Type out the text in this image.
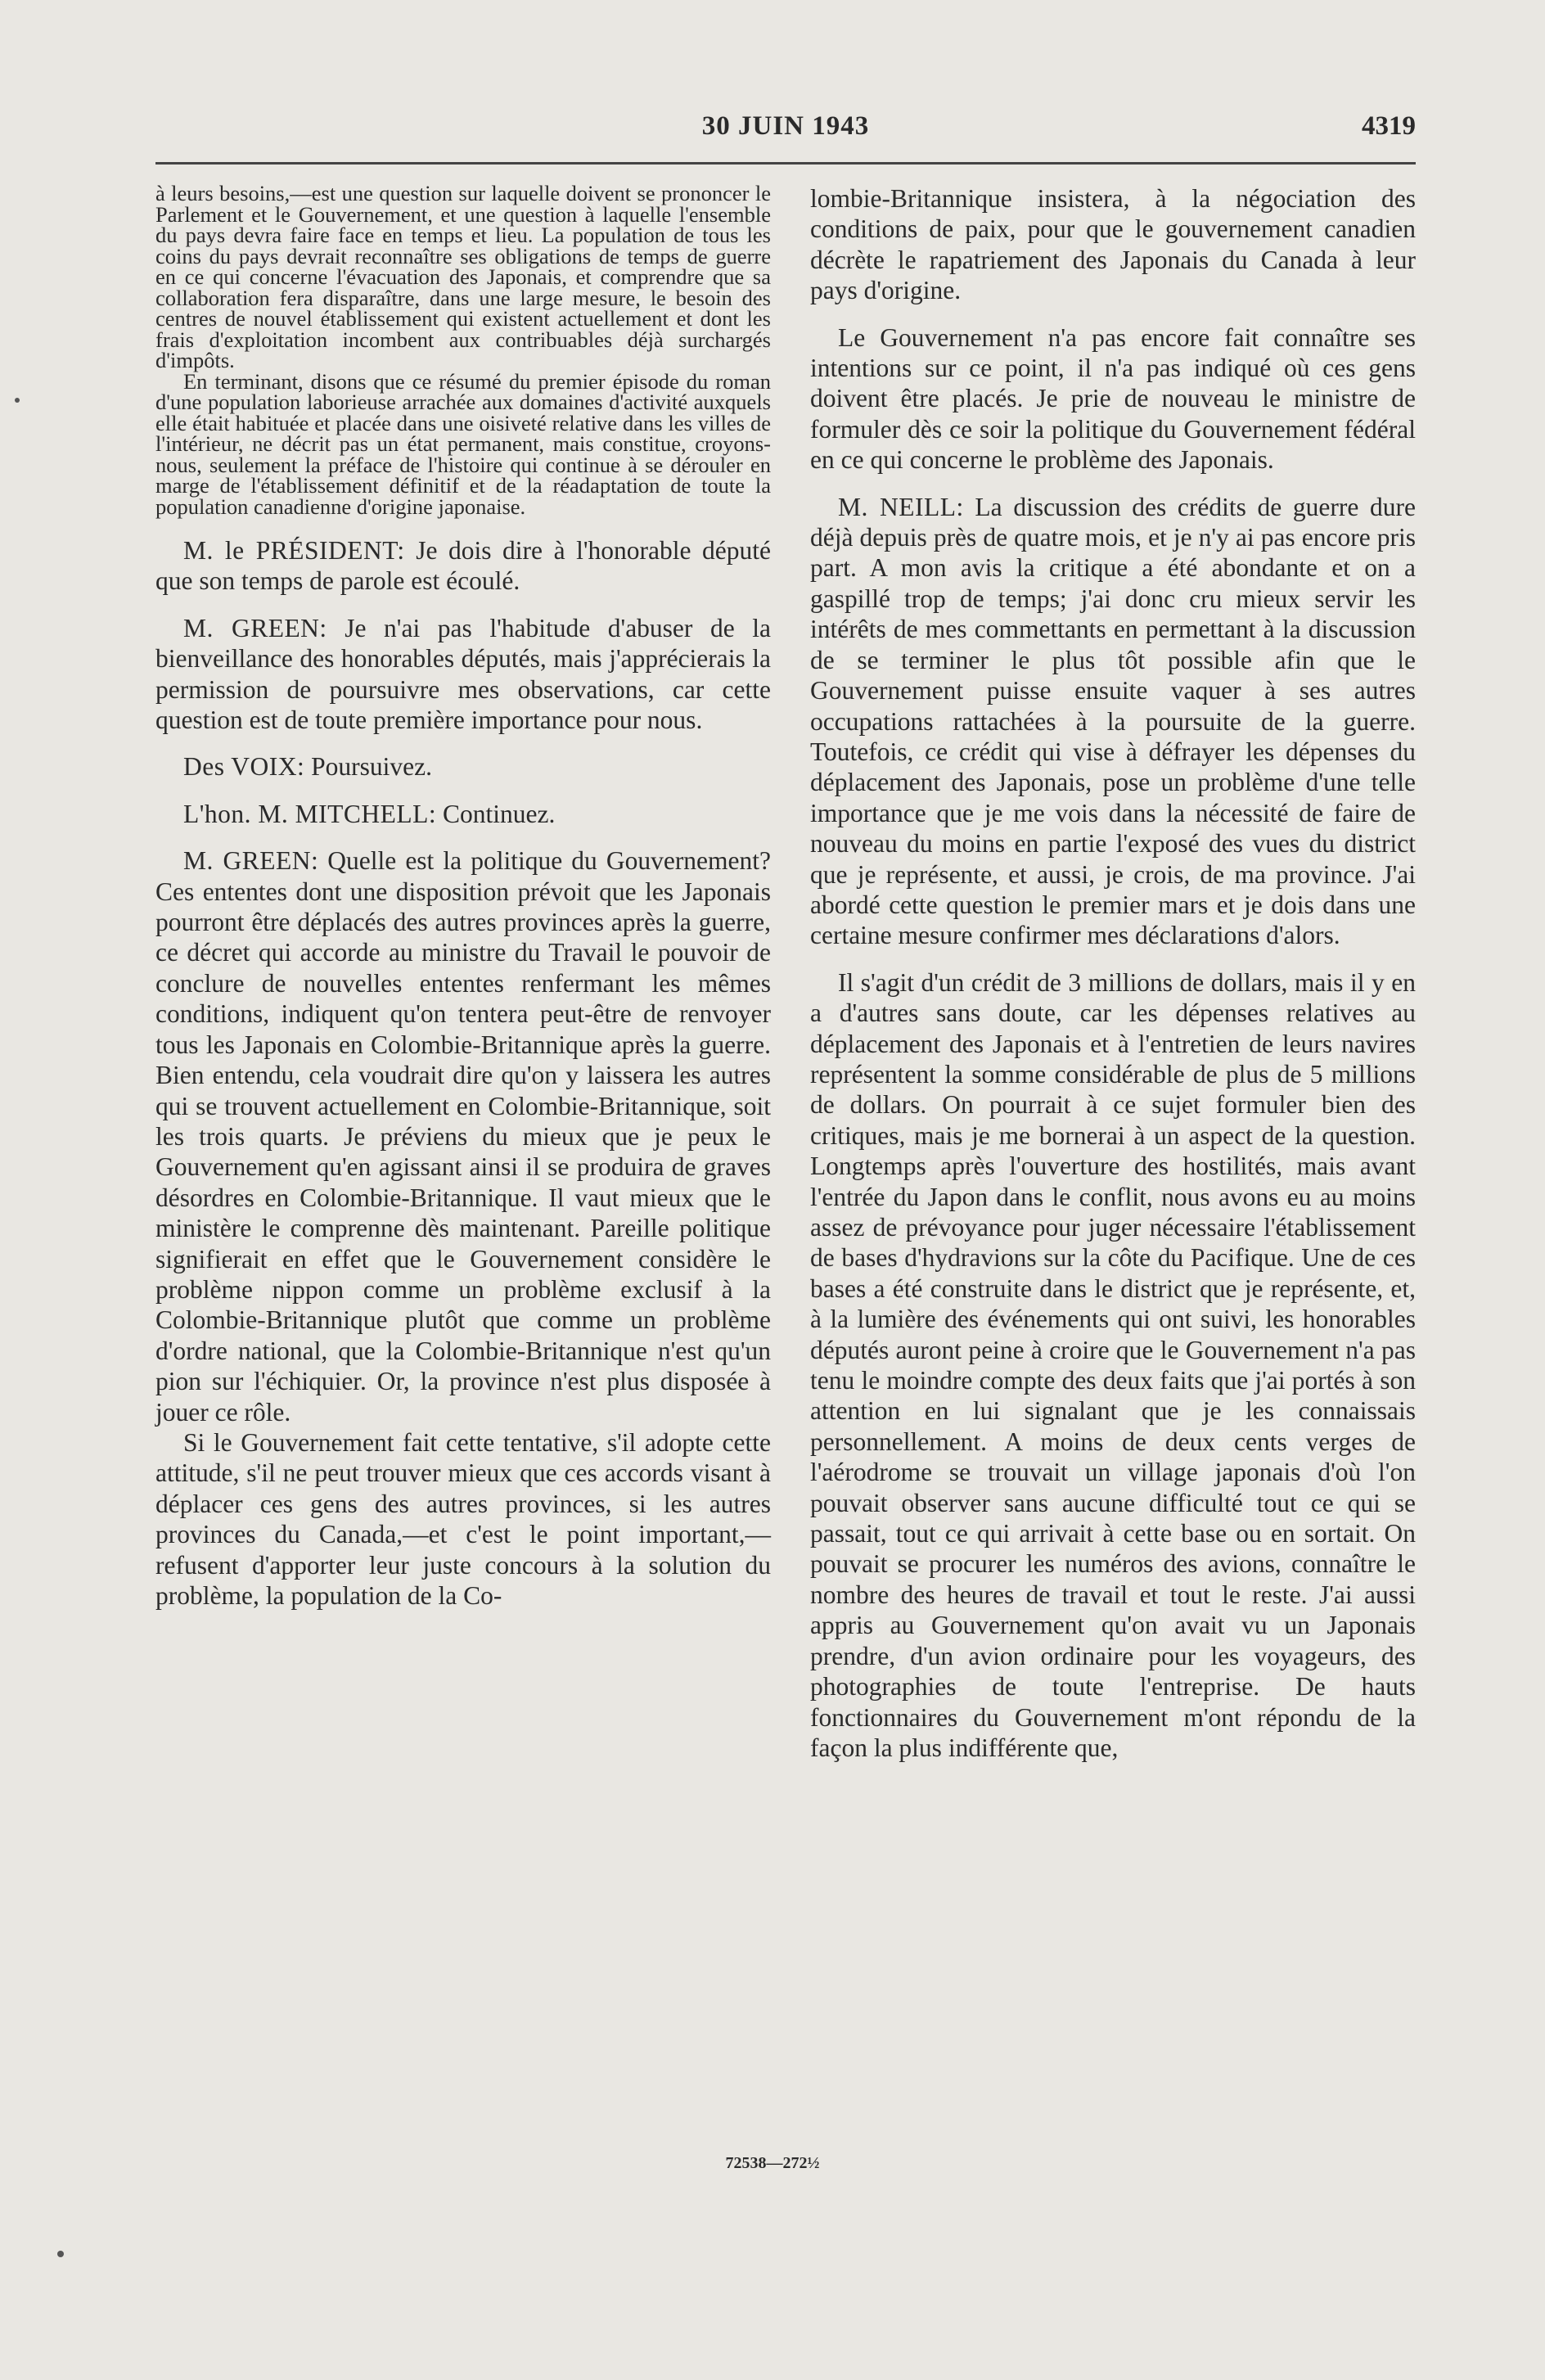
30 JUIN 1943	4319

à leurs besoins,—est une question sur laquelle doivent se prononcer le Parlement et le Gouvernement, et une question à laquelle l'ensemble du pays devra faire face en temps et lieu. La population de tous les coins du pays devrait reconnaître ses obligations de temps de guerre en ce qui concerne l'évacuation des Japonais, et comprendre que sa collaboration fera disparaître, dans une large mesure, le besoin des centres de nouvel établissement qui existent actuellement et dont les frais d'exploitation incombent aux contribuables déjà surchargés d'impôts.

En terminant, disons que ce résumé du premier épisode du roman d'une population laborieuse arrachée aux domaines d'activité auxquels elle était habituée et placée dans une oisiveté relative dans les villes de l'intérieur, ne décrit pas un état permanent, mais constitue, croyons-nous, seulement la préface de l'histoire qui continue à se dérouler en marge de l'établissement définitif et de la réadaptation de toute la population canadienne d'origine japonaise.

M. le PRÉSIDENT: Je dois dire à l'honorable député que son temps de parole est écoulé.

M. GREEN: Je n'ai pas l'habitude d'abuser de la bienveillance des honorables députés, mais j'apprécierais la permission de poursuivre mes observations, car cette question est de toute première importance pour nous.

Des VOIX: Poursuivez.

L'hon. M. MITCHELL: Continuez.

M. GREEN: Quelle est la politique du Gouvernement? Ces ententes dont une disposition prévoit que les Japonais pourront être déplacés des autres provinces après la guerre, ce décret qui accorde au ministre du Travail le pouvoir de conclure de nouvelles ententes renfermant les mêmes conditions, indiquent qu'on tentera peut-être de renvoyer tous les Japonais en Colombie-Britannique après la guerre. Bien entendu, cela voudrait dire qu'on y laissera les autres qui se trouvent actuellement en Colombie-Britannique, soit les trois quarts. Je préviens du mieux que je peux le Gouvernement qu'en agissant ainsi il se produira de graves désordres en Colombie-Britannique. Il vaut mieux que le ministère le comprenne dès maintenant. Pareille politique signifierait en effet que le Gouvernement considère le problème nippon comme un problème exclusif à la Colombie-Britannique plutôt que comme un problème d'ordre national, que la Colombie-Britannique n'est qu'un pion sur l'échiquier. Or, la province n'est plus disposée à jouer ce rôle.

Si le Gouvernement fait cette tentative, s'il adopte cette attitude, s'il ne peut trouver mieux que ces accords visant à déplacer ces gens des autres provinces, si les autres provinces du Canada,—et c'est le point important,—refusent d'apporter leur juste concours à la solution du problème, la population de la Co-

lombie-Britannique insistera, à la négociation des conditions de paix, pour que le gouvernement canadien décrète le rapatriement des Japonais du Canada à leur pays d'origine.

Le Gouvernement n'a pas encore fait connaître ses intentions sur ce point, il n'a pas indiqué où ces gens doivent être placés. Je prie de nouveau le ministre de formuler dès ce soir la politique du Gouvernement fédéral en ce qui concerne le problème des Japonais.

M. NEILL: La discussion des crédits de guerre dure déjà depuis près de quatre mois, et je n'y ai pas encore pris part. A mon avis la critique a été abondante et on a gaspillé trop de temps; j'ai donc cru mieux servir les intérêts de mes commettants en permettant à la discussion de se terminer le plus tôt possible afin que le Gouvernement puisse ensuite vaquer à ses autres occupations rattachées à la poursuite de la guerre. Toutefois, ce crédit qui vise à défrayer les dépenses du déplacement des Japonais, pose un problème d'une telle importance que je me vois dans la nécessité de faire de nouveau du moins en partie l'exposé des vues du district que je représente, et aussi, je crois, de ma province. J'ai abordé cette question le premier mars et je dois dans une certaine mesure confirmer mes déclarations d'alors.

Il s'agit d'un crédit de 3 millions de dollars, mais il y en a d'autres sans doute, car les dépenses relatives au déplacement des Japonais et à l'entretien de leurs navires représentent la somme considérable de plus de 5 millions de dollars. On pourrait à ce sujet formuler bien des critiques, mais je me bornerai à un aspect de la question. Longtemps après l'ouverture des hostilités, mais avant l'entrée du Japon dans le conflit, nous avons eu au moins assez de prévoyance pour juger nécessaire l'établissement de bases d'hydravions sur la côte du Pacifique. Une de ces bases a été construite dans le district que je représente, et, à la lumière des événements qui ont suivi, les honorables députés auront peine à croire que le Gouvernement n'a pas tenu le moindre compte des deux faits que j'ai portés à son attention en lui signalant que je les connaissais personnellement. A moins de deux cents verges de l'aérodrome se trouvait un village japonais d'où l'on pouvait observer sans aucune difficulté tout ce qui se passait, tout ce qui arrivait à cette base ou en sortait. On pouvait se procurer les numéros des avions, connaître le nombre des heures de travail et tout le reste. J'ai aussi appris au Gouvernement qu'on avait vu un Japonais prendre, d'un avion ordinaire pour les voyageurs, des photographies de toute l'entreprise. De hauts fonctionnaires du Gouvernement m'ont répondu de la façon la plus indifférente que,

72538—272½
